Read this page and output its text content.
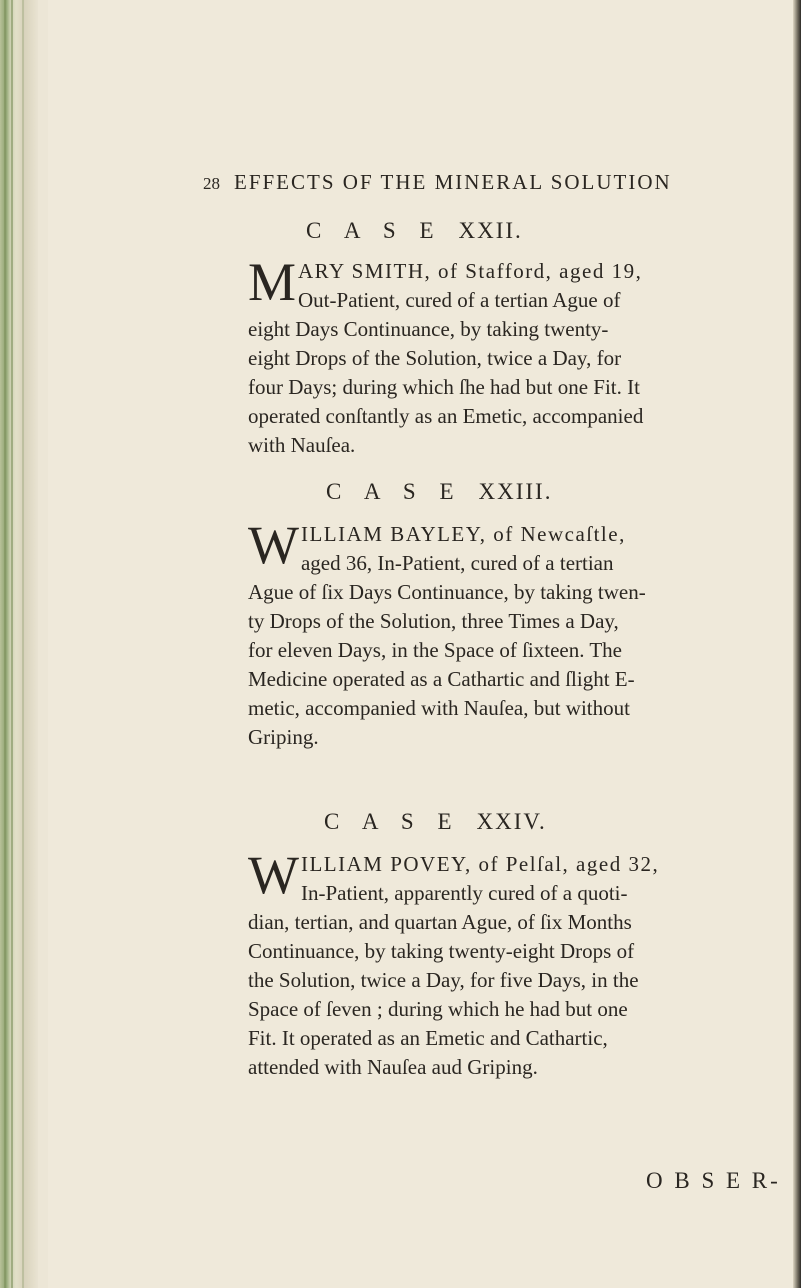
28 EFFECTS OF THE MINERAL SOLUTION
C A S E XXII.
M ARY SMITH, of Stafford, aged 19,
Out-Patient, cured of a tertian Ague of
eight Days Continuance, by taking twenty-
eight Drops of the Solution, twice a Day, for
four Days; during which ſhe had but one Fit. It
operated conſtantly as an Emetic, accompanied
with Nauſea.
C A S E XXIII.
W ILLIAM BAYLEY, of Newcaſtle,
aged 36, In-Patient, cured of a tertian
Ague of ſix Days Continuance, by taking twen-
ty Drops of the Solution, three Times a Day,
for eleven Days, in the Space of ſixteen. The
Medicine operated as a Cathartic and ſlight E-
metic, accompanied with Nauſea, but without
Griping.
C A S E XXIV.
W ILLIAM POVEY, of Pelſal, aged 32,
In-Patient, apparently cured of a quoti-
dian, tertian, and quartan Ague, of ſix Months
Continuance, by taking twenty-eight Drops of
the Solution, twice a Day, for five Days, in the
Space of ſeven ; during which he had but one
Fit. It operated as an Emetic and Cathartic,
attended with Nauſea aud Griping.
O B S E R-
